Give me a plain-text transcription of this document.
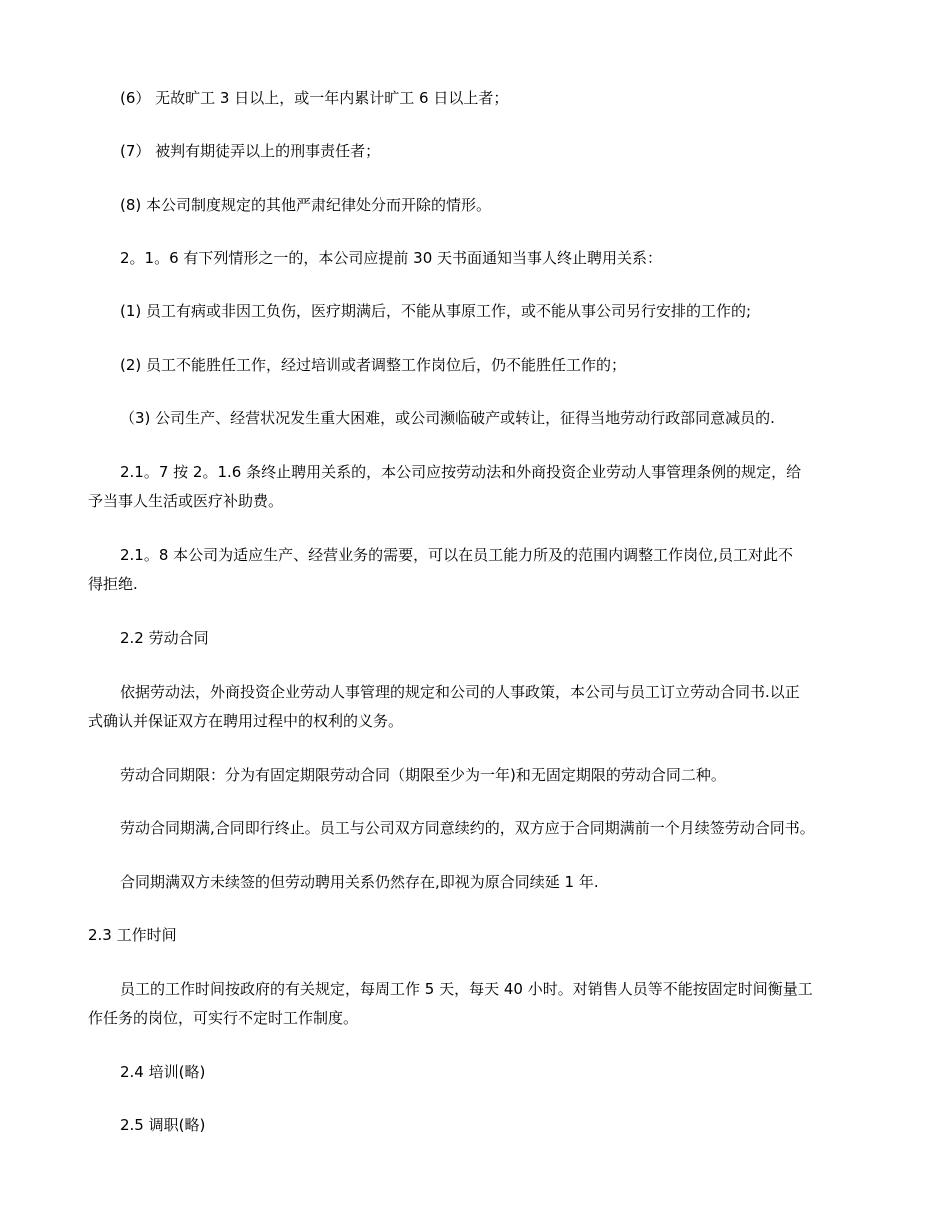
(6） 无故旷工 3 日以上，或一年内累计旷工 6 日以上者；
(7） 被判有期徒弄以上的刑事责任者；
(8) 本公司制度规定的其他严肃纪律处分而开除的情形。
2。1。6 有下列情形之一的，本公司应提前 30 天书面通知当事人终止聘用关系：
(1) 员工有病或非因工负伤，医疗期满后，不能从事原工作，或不能从事公司另行安排的工作的;
(2) 员工不能胜任工作，经过培训或者调整工作岗位后，仍不能胜任工作的；
（3) 公司生产、经营状况发生重大困难，或公司濒临破产或转让，征得当地劳动行政部同意减员的.
2.1。7 按 2。1.6 条终止聘用关系的，本公司应按劳动法和外商投资企业劳动人事管理条例的规定，给
予当事人生活或医疗补助费。
2.1。8 本公司为适应生产、经营业务的需要，可以在员工能力所及的范围内调整工作岗位,员工对此不
得拒绝.
2.2 劳动合同
依据劳动法，外商投资企业劳动人事管理的规定和公司的人事政策，本公司与员工订立劳动合同书.以正
式确认并保证双方在聘用过程中的权利的义务。
劳动合同期限：分为有固定期限劳动合同（期限至少为一年)和无固定期限的劳动合同二种。
劳动合同期满,合同即行终止。员工与公司双方同意续约的，双方应于合同期满前一个月续签劳动合同书。
合同期满双方未续签的但劳动聘用关系仍然存在,即视为原合同续延 1 年.
2.3 工作时间
员工的工作时间按政府的有关规定，每周工作 5 天，每天 40 小时。对销售人员等不能按固定时间衡量工
作任务的岗位，可实行不定时工作制度。
2.4 培训(略)
2.5 调职(略)
